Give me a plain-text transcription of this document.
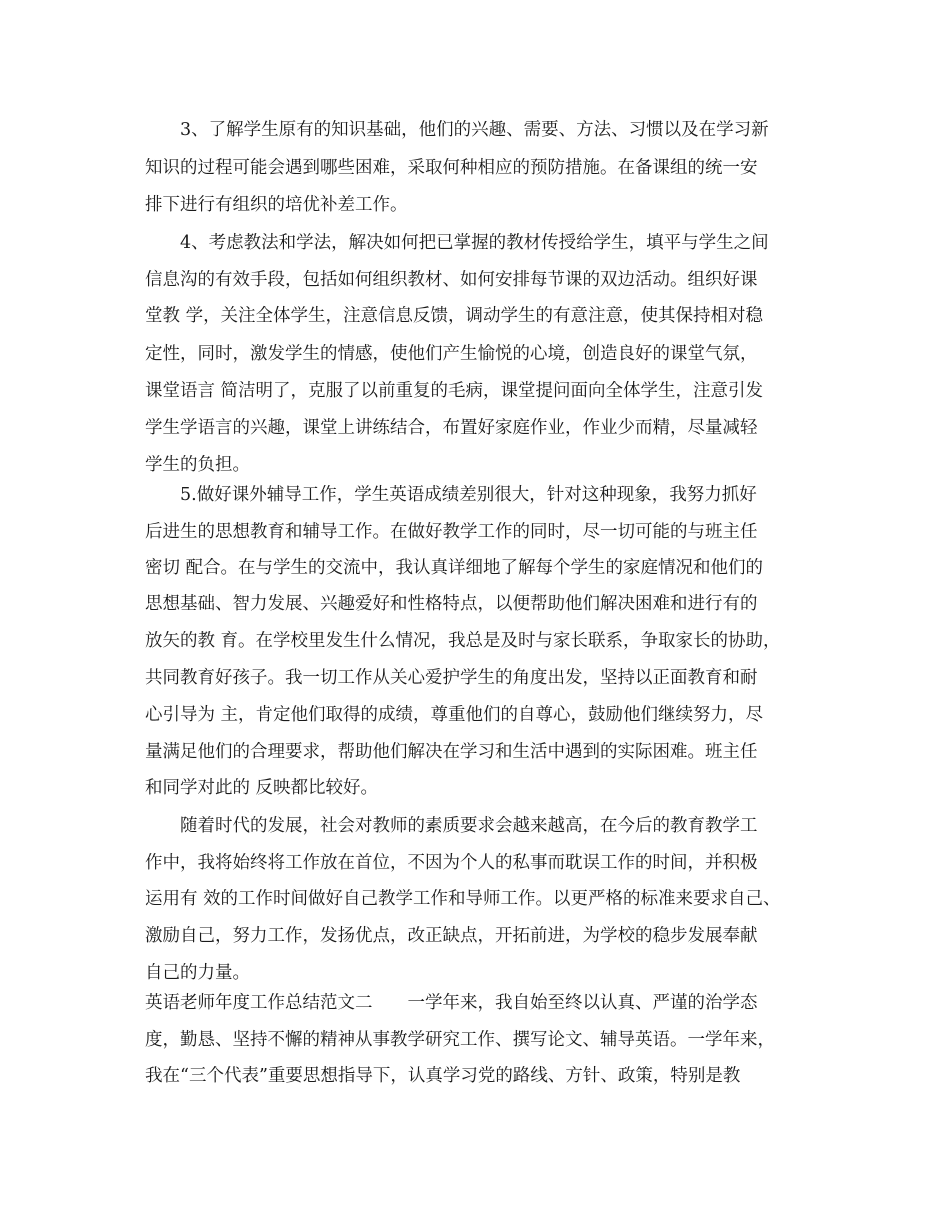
3、了解学生原有的知识基础，他们的兴趣、需要、方法、习惯以及在学习新
知识的过程可能会遇到哪些困难，采取何种相应的预防措施。在备课组的统一安
排下进行有组织的培优补差工作。
4、考虑教法和学法，解决如何把已掌握的教材传授给学生，填平与学生之间
信息沟的有效手段，包括如何组织教材、如何安排每节课的双边活动。组织好课
堂教 学，关注全体学生，注意信息反馈，调动学生的有意注意，使其保持相对稳
定性，同时，激发学生的情感，使他们产生愉悦的心境，创造良好的课堂气氛，
课堂语言 简洁明了，克服了以前重复的毛病，课堂提问面向全体学生，注意引发
学生学语言的兴趣，课堂上讲练结合，布置好家庭作业，作业少而精，尽量减轻
学生的负担。
5.做好课外辅导工作，学生英语成绩差别很大，针对这种现象，我努力抓好
后进生的思想教育和辅导工作。在做好教学工作的同时，尽一切可能的与班主任
密切 配合。在与学生的交流中，我认真详细地了解每个学生的家庭情况和他们的
思想基础、智力发展、兴趣爱好和性格特点，以便帮助他们解决困难和进行有的
放矢的教 育。在学校里发生什么情况，我总是及时与家长联系，争取家长的协助，
共同教育好孩子。我一切工作从关心爱护学生的角度出发，坚持以正面教育和耐
心引导为 主，肯定他们取得的成绩，尊重他们的自尊心，鼓励他们继续努力，尽
量满足他们的合理要求，帮助他们解决在学习和生活中遇到的实际困难。班主任
和同学对此的 反映都比较好。
随着时代的发展，社会对教师的素质要求会越来越高，在今后的教育教学工
作中，我将始终将工作放在首位，不因为个人的私事而耽误工作的时间，并积极
运用有 效的工作时间做好自己教学工作和导师工作。以更严格的标准来要求自己、
激励自己，努力工作，发扬优点，改正缺点，开拓前进，为学校的稳步发展奉献
自己的力量。
英语老师年度工作总结范文二　　一学年来，我自始至终以认真、严谨的治学态
度，勤恳、坚持不懈的精神从事教学研究工作、撰写论文、辅导英语。一学年来，
我在“三个代表”重要思想指导下，认真学习党的路线、方针、政策，特别是教
